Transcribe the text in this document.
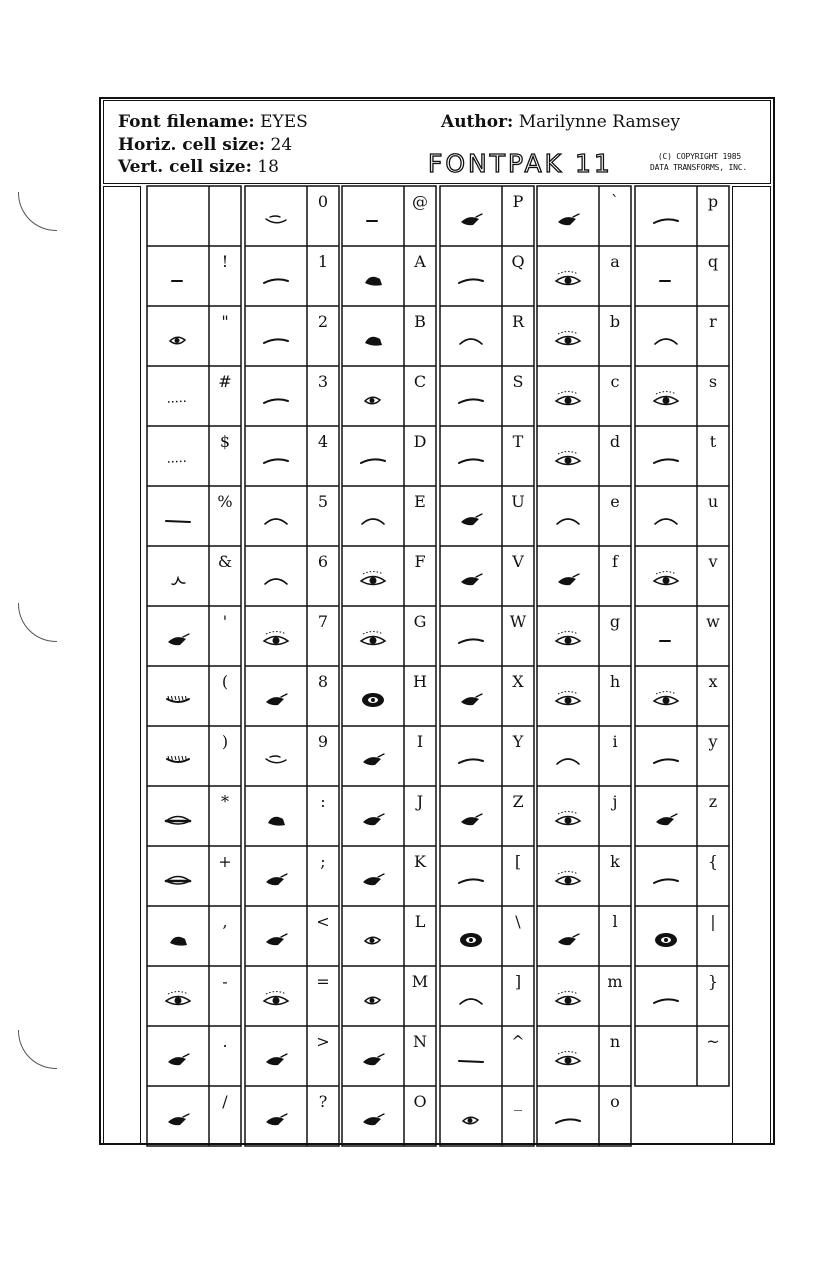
Font filename: EYES	Author: Marilynne Ramsey
Horiz. cell size: 24
Vert. cell size: 18	FONTPAK 11	(C) COPYRIGHT 1985
DATA TRANSFORMS, INC.
!
"
#
$
%
&
'
(
)
*
+
,
-
.
/
0
1
2
3
4
5
6
7
8
9
:
;
<
=
>
?
@
A
B
C
D
E
F
G
H
I
J
K
L
M
N
O
P
Q
R
S
T
U
V
W
X
Y
Z
[
\
]
^
_
`
a
b
c
d
e
f
g
h
i
j
k
l
m
n
o
p
q
r
s
t
u
v
w
x
y
z
{
|
}
~
